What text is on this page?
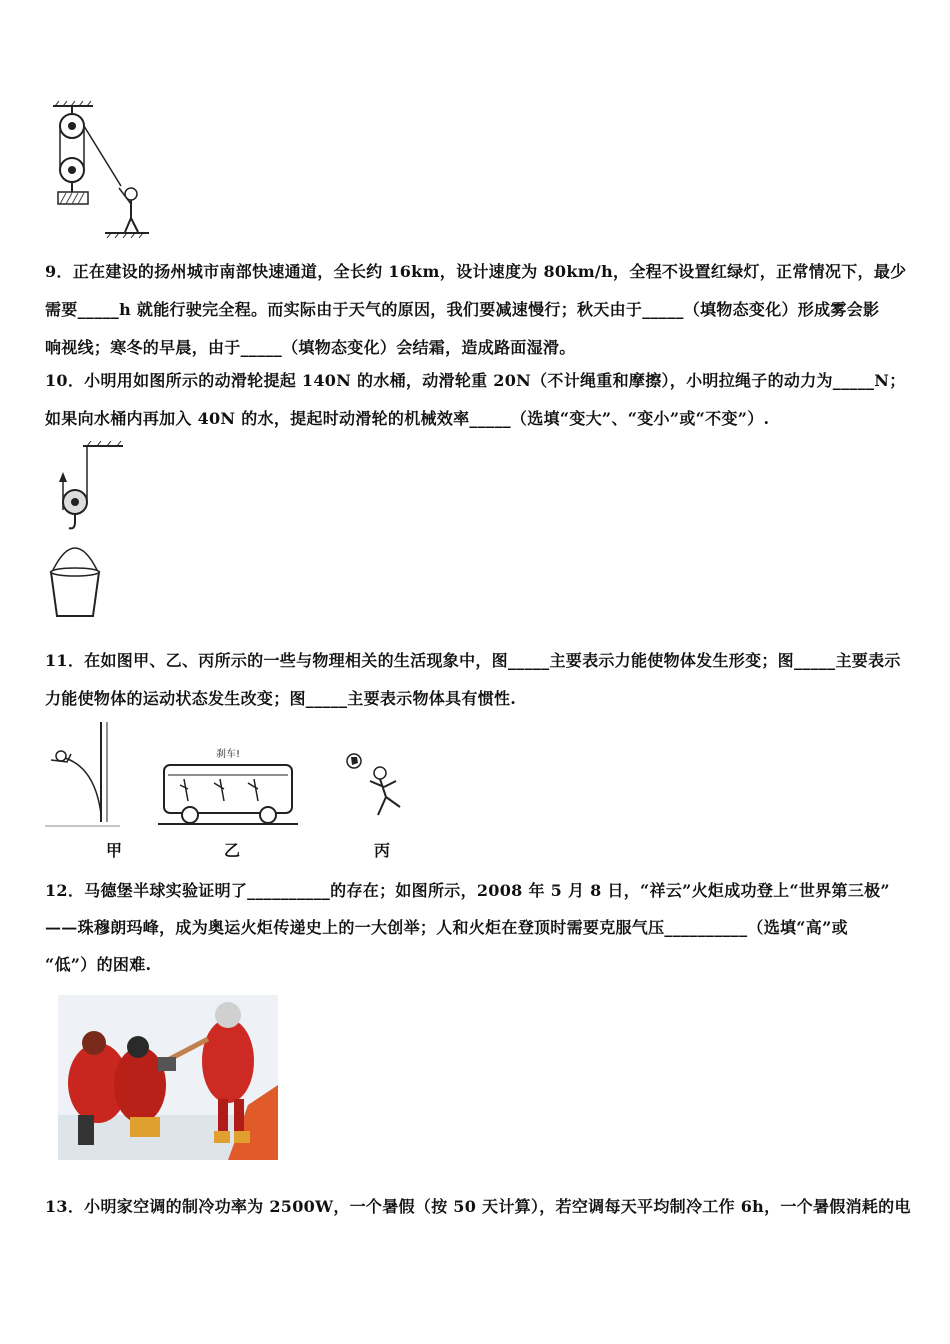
9．正在建设的扬州城市南部快速通道，全长约 16km，设计速度为 80km/h，全程不设置红绿灯，正常情况下，最少
需要_____h 就能行驶完全程。而实际由于天气的原因，我们要减速慢行；秋天由于_____（填物态变化）形成雾会影
响视线；寒冬的早晨，由于_____（填物态变化）会结霜，造成路面湿滑。
10．小明用如图所示的动滑轮提起 140N 的水桶，动滑轮重 20N（不计绳重和摩擦），小明拉绳子的动力为_____N；
如果向水桶内再加入 40N 的水，提起时动滑轮的机械效率_____（选填“变大”、“变小”或“不变”）.
11．在如图甲、乙、丙所示的一些与物理相关的生活现象中，图_____主要表示力能使物体发生形变；图_____主要表示
力能使物体的运动状态发生改变；图_____主要表示物体具有惯性.
刹车!
甲	乙	丙
12．马德堡半球实验证明了__________的存在；如图所示，2008 年 5 月 8 日，“祥云”火炬成功登上“世界第三极”
——珠穆朗玛峰，成为奥运火炬传递史上的一大创举；人和火炬在登顶时需要克服气压__________（选填“高”或
“低”）的困难.
13．小明家空调的制冷功率为 2500W，一个暑假（按 50 天计算），若空调每天平均制冷工作 6h，一个暑假消耗的电
